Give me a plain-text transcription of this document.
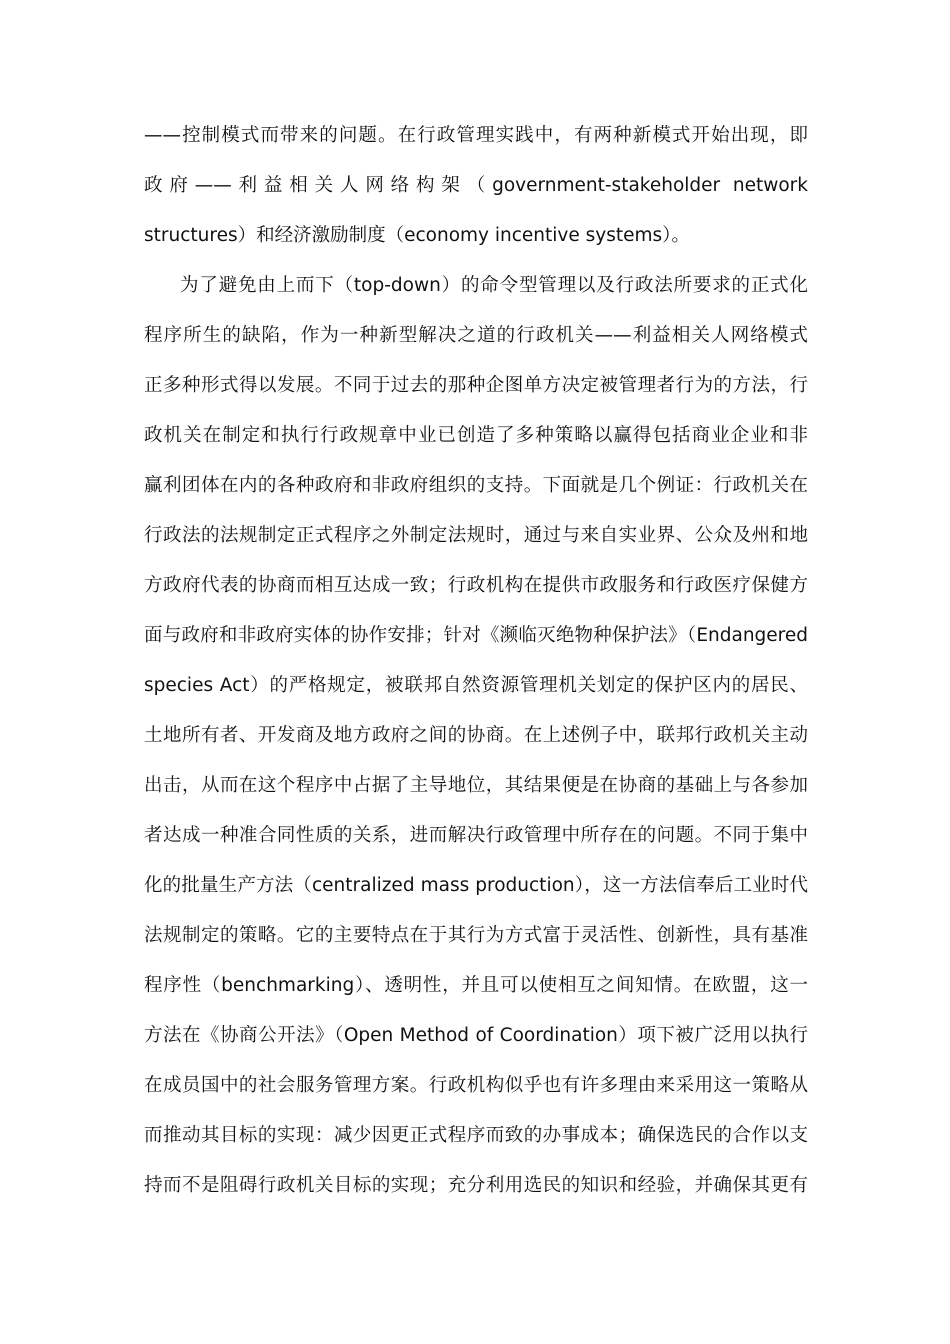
——控制模式而带来的问题。在行政管理实践中，有两种新模式开始出现，即
政府——利益相关人网络构架（government-stakeholder network
structures）和经济激励制度（economy incentive systems）。
为了避免由上而下（top-down）的命令型管理以及行政法所要求的正式化
程序所生的缺陷，作为一种新型解决之道的行政机关——利益相关人网络模式
正多种形式得以发展。不同于过去的那种企图单方决定被管理者行为的方法，行
政机关在制定和执行行政规章中业已创造了多种策略以赢得包括商业企业和非
赢利团体在内的各种政府和非政府组织的支持。下面就是几个例证：行政机关在
行政法的法规制定正式程序之外制定法规时，通过与来自实业界、公众及州和地
方政府代表的协商而相互达成一致；行政机构在提供市政服务和行政医疗保健方
面与政府和非政府实体的协作安排；针对《濒临灭绝物种保护法》（Endangered
species Act）的严格规定，被联邦自然资源管理机关划定的保护区内的居民、
土地所有者、开发商及地方政府之间的协商。在上述例子中，联邦行政机关主动
出击，从而在这个程序中占据了主导地位，其结果便是在协商的基础上与各参加
者达成一种准合同性质的关系，进而解决行政管理中所存在的问题。不同于集中
化的批量生产方法（centralized mass production），这一方法信奉后工业时代
法规制定的策略。它的主要特点在于其行为方式富于灵活性、创新性，具有基准
程序性（benchmarking）、透明性，并且可以使相互之间知情。在欧盟，这一
方法在《协商公开法》（Open Method of Coordination）项下被广泛用以执行
在成员国中的社会服务管理方案。行政机构似乎也有许多理由来采用这一策略从
而推动其目标的实现：减少因更正式程序而致的办事成本；确保选民的合作以支
持而不是阻碍行政机关目标的实现；充分利用选民的知识和经验，并确保其更有
